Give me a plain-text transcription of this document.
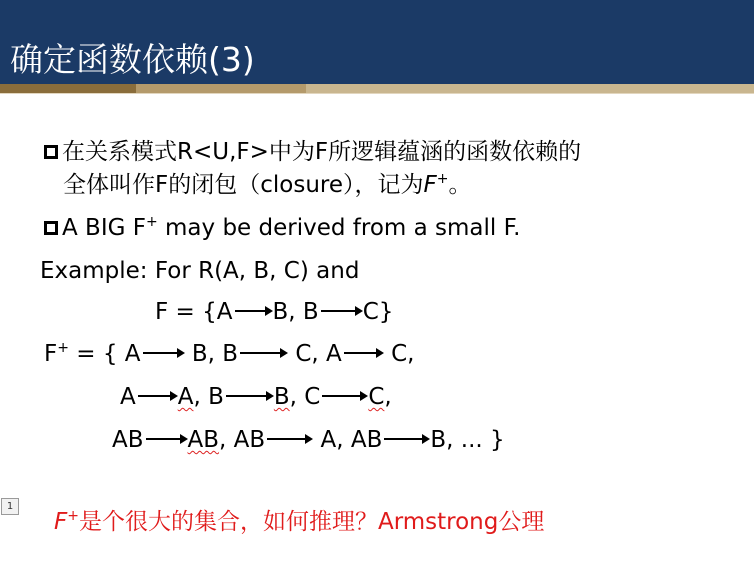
确定函数依赖(3)
在关系模式R<U,F>中为F所逻辑蕴涵的函数依赖的
全体叫作F的闭包（closure），记为F+。
A BIG F+ may be derived from a small F.
Example: For R(A, B, C) and
F = {A B, B C}
F+ = { A B, B C, A C,
A A, B B, C C,
AB AB, AB A, AB B, ... }
1
F+是个很大的集合，如何推理？Armstrong公理
